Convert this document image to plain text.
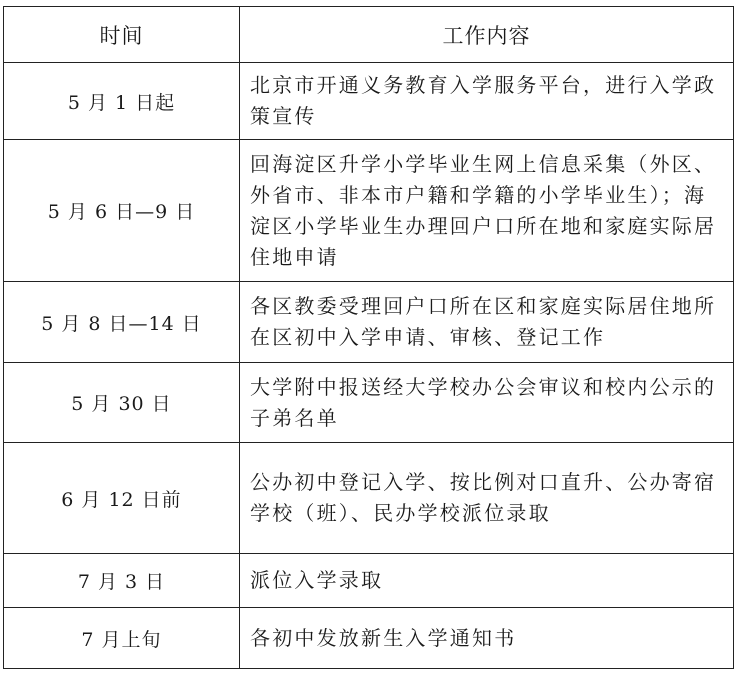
时间	工作内容
5 月 1 日起	北京市开通义务教育入学服务平台，进行入学政策宣传
5 月 6 日—9 日	回海淀区升学小学毕业生网上信息采集（外区、外省市、非本市户籍和学籍的小学毕业生）；海淀区小学毕业生办理回户口所在地和家庭实际居住地申请
5 月 8 日—14 日	各区教委受理回户口所在区和家庭实际居住地所在区初中入学申请、审核、登记工作
5 月 30 日	大学附中报送经大学校办公会审议和校内公示的子弟名单
6 月 12 日前	公办初中登记入学、按比例对口直升、公办寄宿学校（班）、民办学校派位录取
7 月 3 日	派位入学录取
7 月上旬	各初中发放新生入学通知书
